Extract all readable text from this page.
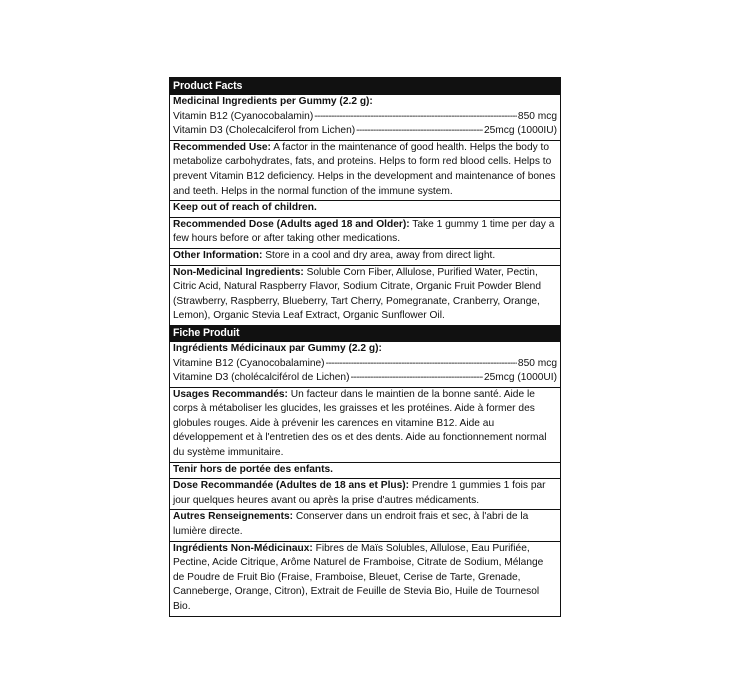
Product Facts
Medicinal Ingredients per Gummy (2.2 g):
Vitamin B12 (Cyanocobalamin) -----	850 mcg
Vitamin D3 (Cholecalciferol from Lichen) -----	25mcg (1000IU)

Recommended Use: A factor in the maintenance of good health. Helps the body to metabolize carbohydrates, fats, and proteins. Helps to form red blood cells. Helps to prevent Vitamin B12 deficiency. Helps in the development and maintenance of bones and teeth. Helps in the normal function of the immune system.

Keep out of reach of children.

Recommended Dose (Adults aged 18 and Older): Take 1 gummy 1 time per day a few hours before or after taking other medications.

Other Information: Store in a cool and dry area, away from direct light.

Non-Medicinal Ingredients: Soluble Corn Fiber, Allulose, Purified Water, Pectin, Citric Acid, Natural Raspberry Flavor, Sodium Citrate, Organic Fruit Powder Blend (Strawberry, Raspberry, Blueberry, Tart Cherry, Pomegranate, Cranberry, Orange, Lemon), Organic Stevia Leaf Extract, Organic Sunflower Oil.

Fiche Produit
Ingrédients Médicinaux par Gummy (2.2 g):
Vitamine B12 (Cyanocobalamine) -----	850 mcg
Vitamine D3 (cholécalciférol de Lichen) -----	25mcg (1000UI)

Usages Recommandés: Un facteur dans le maintien de la bonne santé. Aide le corps à métaboliser les glucides, les graisses et les protéines. Aide à former des globules rouges. Aide à prévenir les carences en vitamine B12. Aide au développement et à l'entretien des os et des dents. Aide au fonctionnement normal du système immunitaire.

Tenir hors de portée des enfants.

Dose Recommandée (Adultes de 18 ans et Plus): Prendre 1 gummies 1 fois par jour quelques heures avant ou après la prise d'autres médicaments.

Autres Renseignements: Conserver dans un endroit frais et sec, à l'abri de la lumière directe.

Ingrédients Non-Médicinaux: Fibres de Maïs Solubles, Allulose, Eau Purifiée, Pectine, Acide Citrique, Arôme Naturel de Framboise, Citrate de Sodium, Mélange de Poudre de Fruit Bio (Fraise, Framboise, Bleuet, Cerise de Tarte, Grenade, Canneberge, Orange, Citron), Extrait de Feuille de Stevia Bio, Huile de Tournesol Bio.
